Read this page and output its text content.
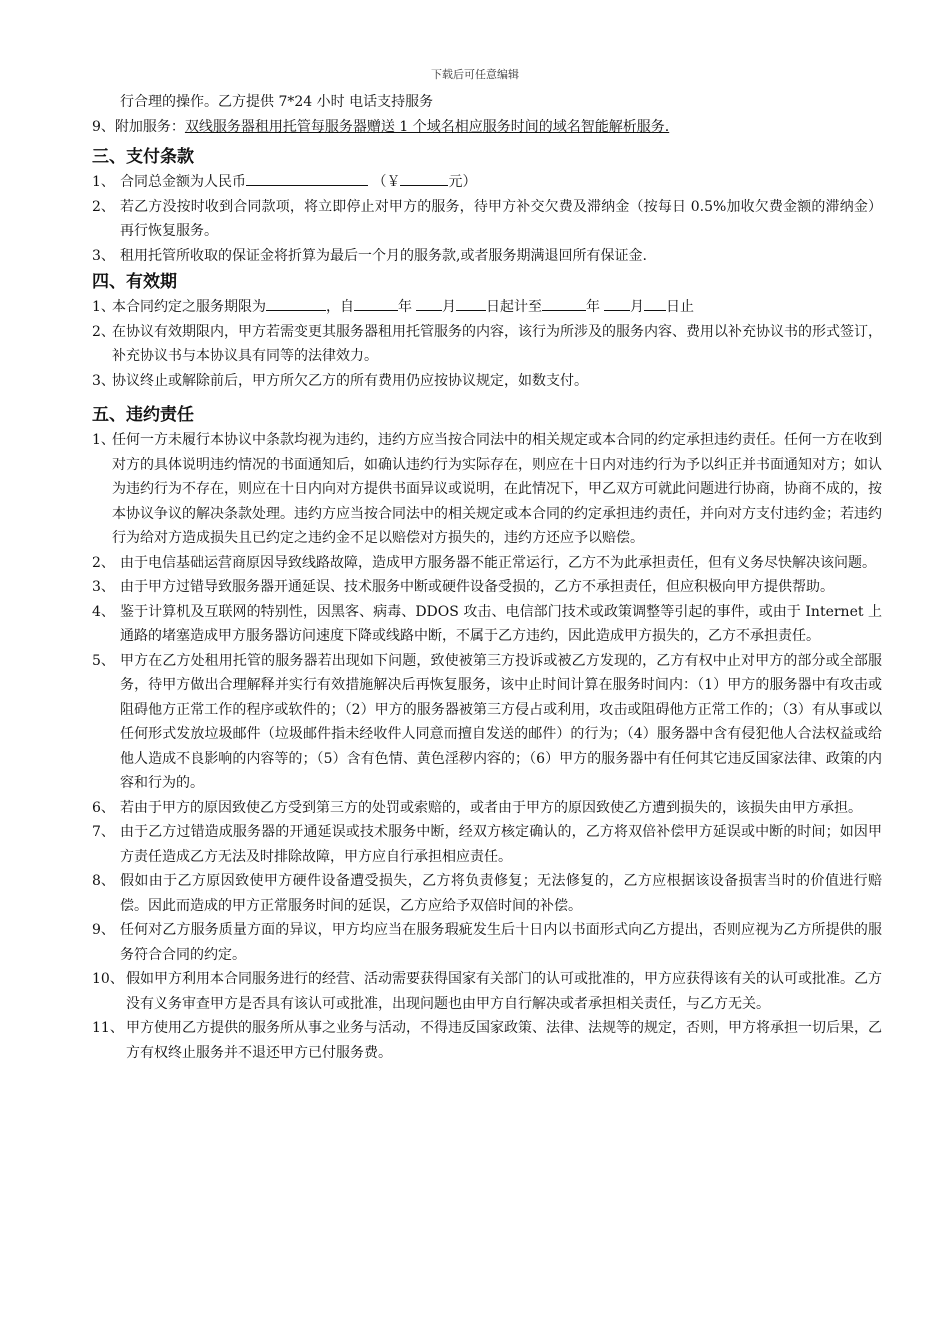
下载后可任意编辑

行合理的操作。乙方提供 7*24 小时 电话支持服务

9、附加服务：双线服务器租用托管每服务器赠送 1 个域名相应服务时间的域名智能解析服务.

三、支付条款

1、 合同总金额为人民币	（￥	元）

2、 若乙方没按时收到合同款项，将立即停止对甲方的服务，待甲方补交欠费及滞纳金（按每日 0.5%加收欠费金额的滞纳金）再行恢复服务。

3、 租用托管所收取的保证金将折算为最后一个月的服务款,或者服务期满退回所有保证金.

四、有效期

1、
本合同约定之服务期限为	，自	年 月 日起计至	年 月 日止

2、
在协议有效期限内，甲方若需变更其服务器租用托管服务的内容，该行为所涉及的服务内容、费用以补充协议书的形式签订，补充协议书与本协议具有同等的法律效力。

3、
协议终止或解除前后，甲方所欠乙方的所有费用仍应按协议规定，如数支付。

五、违约责任

1、
任何一方未履行本协议中条款均视为违约，违约方应当按合同法中的相关规定或本合同的约定承担违约责任。任何一方在收到对方的具体说明违约情况的书面通知后，如确认违约行为实际存在，则应在十日内对违约行为予以纠正并书面通知对方；如认为违约行为不存在，则应在十日内向对方提供书面异议或说明，在此情况下，甲乙双方可就此问题进行协商，协商不成的，按本协议争议的解决条款处理。违约方应当按合同法中的相关规定或本合同的约定承担违约责任，并向对方支付违约金；若违约行为给对方造成损失且已约定之违约金不足以赔偿对方损失的，违约方还应予以赔偿。

2、 由于电信基础运营商原因导致线路故障，造成甲方服务器不能正常运行，乙方不为此承担责任，但有义务尽快解决该问题。

3、 由于甲方过错导致服务器开通延误、技术服务中断或硬件设备受损的，乙方不承担责任，但应积极向甲方提供帮助。

4、 鉴于计算机及互联网的特别性，因黑客、病毒、DDOS 攻击、电信部门技术或政策调整等引起的事件，或由于 Internet 上通路的堵塞造成甲方服务器访问速度下降或线路中断，不属于乙方违约，因此造成甲方损失的，乙方不承担责任。

5、 甲方在乙方处租用托管的服务器若出现如下问题，致使被第三方投诉或被乙方发现的，乙方有权中止对甲方的部分或全部服务，待甲方做出合理解释并实行有效措施解决后再恢复服务，该中止时间计算在服务时间内：（1）甲方的服务器中有攻击或阻碍他方正常工作的程序或软件的；（2）甲方的服务器被第三方侵占或利用，攻击或阻碍他方正常工作的；（3）有从事或以任何形式发放垃圾邮件（垃圾邮件指未经收件人同意而擅自发送的邮件）的行为；（4）服务器中含有侵犯他人合法权益或给他人造成不良影响的内容等的；（5）含有色情、黄色淫秽内容的；（6）甲方的服务器中有任何其它违反国家法律、政策的内容和行为的。

6、 若由于甲方的原因致使乙方受到第三方的处罚或索赔的，或者由于甲方的原因致使乙方遭到损失的，该损失由甲方承担。

7、 由于乙方过错造成服务器的开通延误或技术服务中断，经双方核定确认的，乙方将双倍补偿甲方延误或中断的时间；如因甲方责任造成乙方无法及时排除故障，甲方应自行承担相应责任。

8、 假如由于乙方原因致使甲方硬件设备遭受损失，乙方将负责修复；无法修复的，乙方应根据该设备损害当时的价值进行赔偿。因此而造成的甲方正常服务时间的延误，乙方应给予双倍时间的补偿。

9、 任何对乙方服务质量方面的异议，甲方均应当在服务瑕疵发生后十日内以书面形式向乙方提出，否则应视为乙方所提供的服务符合合同的约定。

10、 假如甲方利用本合同服务进行的经营、活动需要获得国家有关部门的认可或批准的，甲方应获得该有关的认可或批准。乙方没有义务审查甲方是否具有该认可或批准，出现问题也由甲方自行解决或者承担相关责任，与乙方无关。

11、 甲方使用乙方提供的服务所从事之业务与活动，不得违反国家政策、法律、法规等的规定，否则，甲方将承担一切后果，乙方有权终止服务并不退还甲方已付服务费。
